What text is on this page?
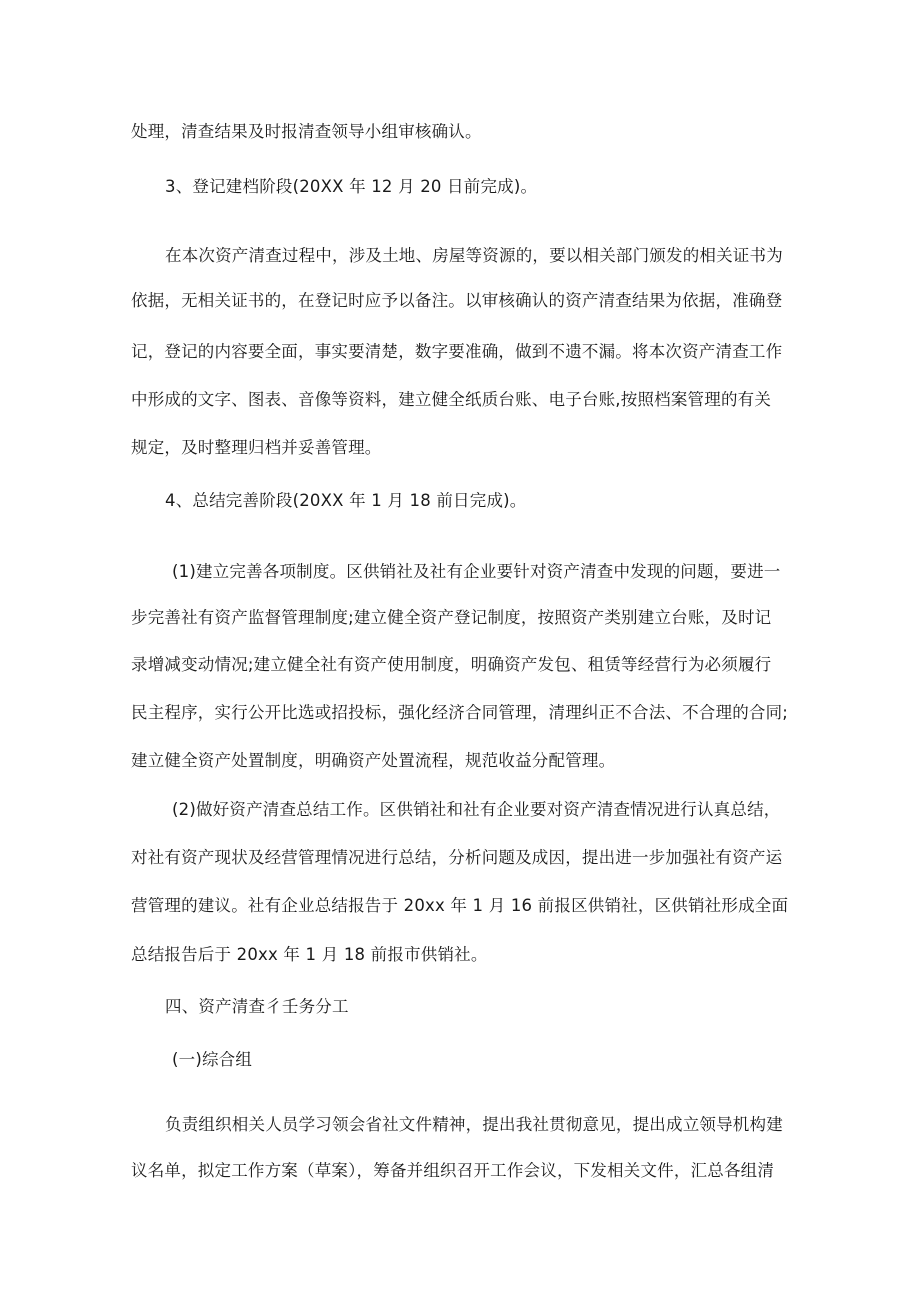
处理，清查结果及时报清查领导小组审核确认。
3、登记建档阶段(20XX 年 12 月 20 日前完成)。
在本次资产清查过程中，涉及土地、房屋等资源的，要以相关部门颁发的相关证书为
依据，无相关证书的，在登记时应予以备注。以审核确认的资产清查结果为依据，准确登
记，登记的内容要全面，事实要清楚，数字要准确，做到不遗不漏。将本次资产清查工作
中形成的文字、图表、音像等资料，建立健全纸质台账、电子台账,按照档案管理的有关
规定，及时整理归档并妥善管理。
4、总结完善阶段(20XX 年 1 月 18 前日完成)。
(1)建立完善各项制度。区供销社及社有企业要针对资产清查中发现的问题，要进一
步完善社有资产监督管理制度;建立健全资产登记制度，按照资产类别建立台账，及时记
录增减变动情况;建立健全社有资产使用制度，明确资产发包、租赁等经营行为必须履行
民主程序，实行公开比选或招投标，强化经济合同管理，清理纠正不合法、不合理的合同;
建立健全资产处置制度，明确资产处置流程，规范收益分配管理。
(2)做好资产清查总结工作。区供销社和社有企业要对资产清查情况进行认真总结，
对社有资产现状及经营管理情况进行总结，分析问题及成因，提出进一步加强社有资产运
营管理的建议。社有企业总结报告于 20xx 年 1 月 16 前报区供销社，区供销社形成全面
总结报告后于 20xx 年 1 月 18 前报市供销社。
四、资产清查彳壬务分工
(一)综合组
负责组织相关人员学习领会省社文件精神，提出我社贯彻意见，提出成立领导机构建
议名单，拟定工作方案（草案），筹备并组织召开工作会议，下发相关文件，汇总各组清
